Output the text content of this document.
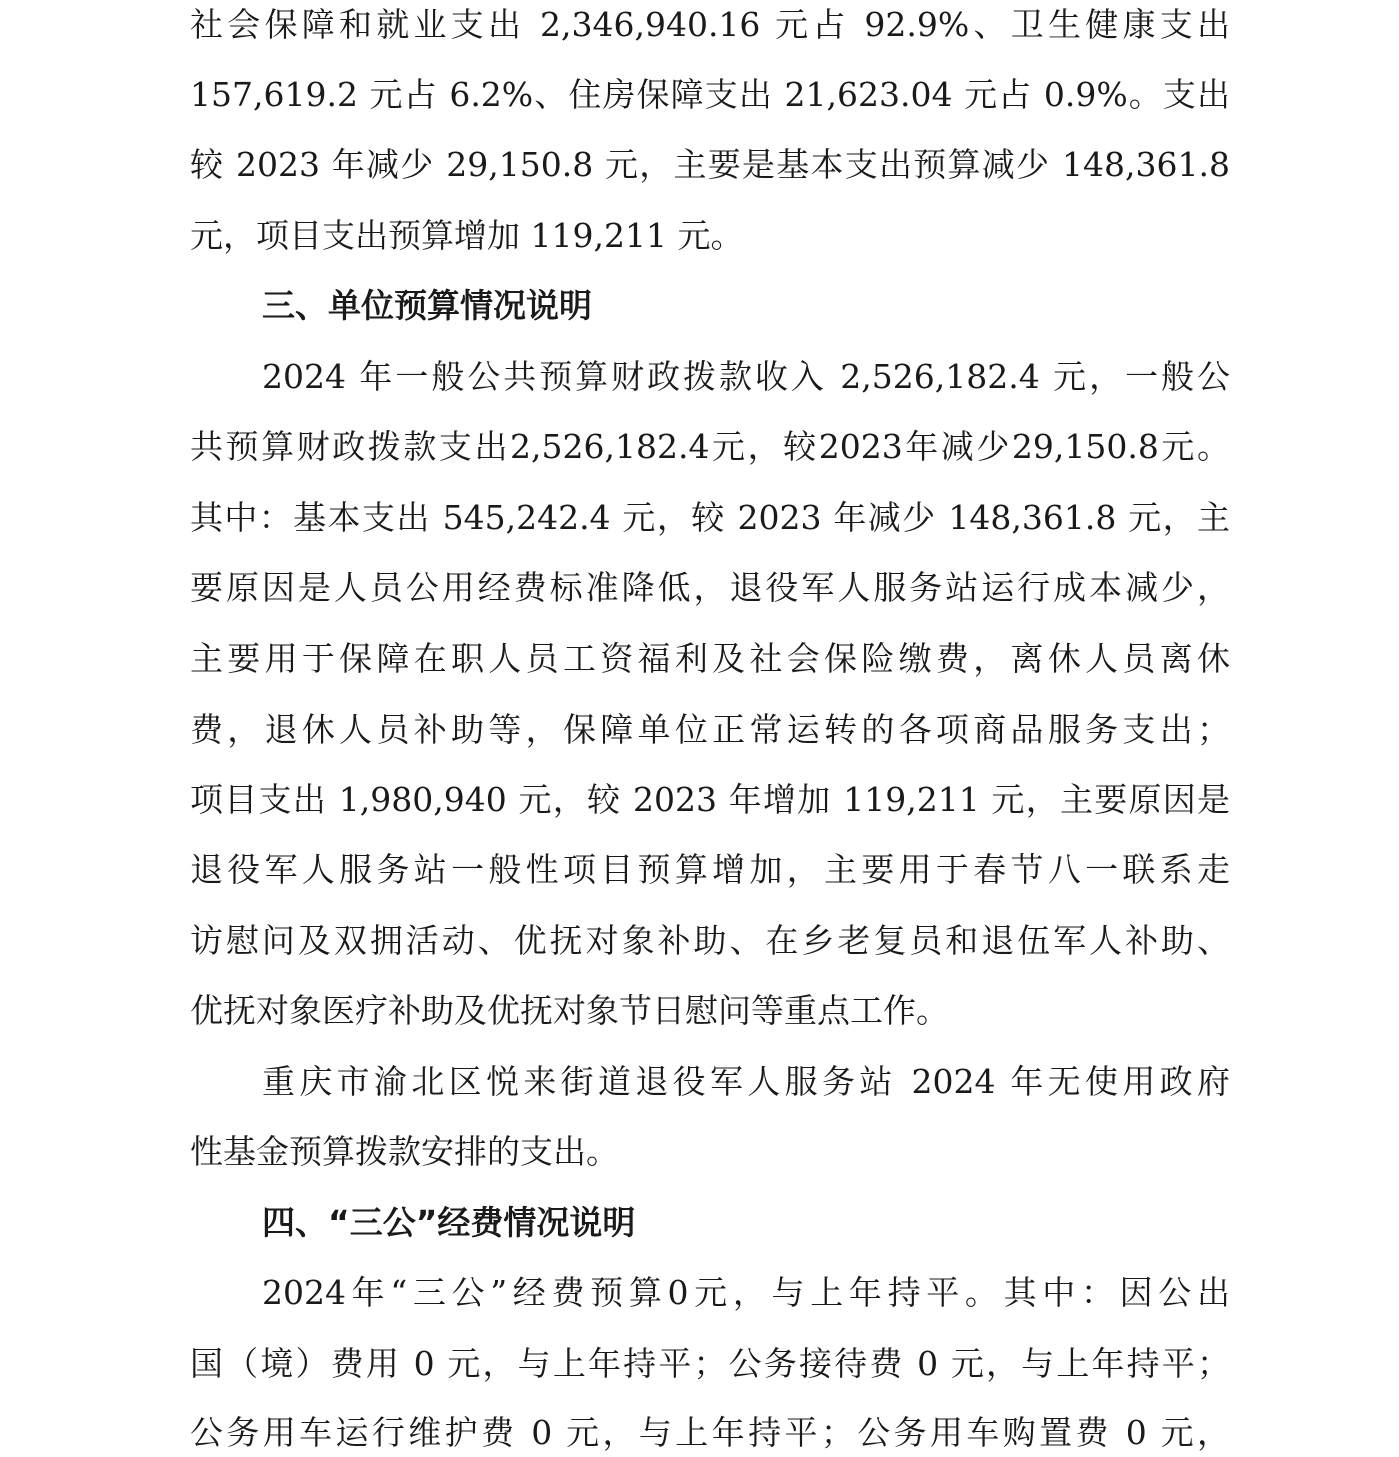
社会保障和就业支出 2,346,940.16 元占 92.9%、卫生健康支出
157,619.2 元占 6.2%、住房保障支出 21,623.04 元占 0.9%。支出
较 2023 年减少 29,150.8 元，主要是基本支出预算减少 148,361.8
元，项目支出预算增加 119,211 元。
三、单位预算情况说明
2024 年一般公共预算财政拨款收入 2,526,182.4 元，一般公
共预算财政拨款支出2,526,182.4元，较2023年减少29,150.8元。
其中：基本支出 545,242.4 元，较 2023 年减少 148,361.8 元，主
要原因是人员公用经费标准降低，退役军人服务站运行成本减少，
主要用于保障在职人员工资福利及社会保险缴费，离休人员离休
费，退休人员补助等，保障单位正常运转的各项商品服务支出；
项目支出 1,980,940 元，较 2023 年增加 119,211 元，主要原因是
退役军人服务站一般性项目预算增加，主要用于春节八一联系走
访慰问及双拥活动、优抚对象补助、在乡老复员和退伍军人补助、
优抚对象医疗补助及优抚对象节日慰问等重点工作。
重庆市渝北区悦来街道退役军人服务站 2024 年无使用政府
性基金预算拨款安排的支出。
四、“三公”经费情况说明
2024年“三公”经费预算0元，与上年持平。其中：因公出
国（境）费用 0 元，与上年持平；公务接待费 0 元，与上年持平；
公务用车运行维护费 0 元，与上年持平；公务用车购置费 0 元，
